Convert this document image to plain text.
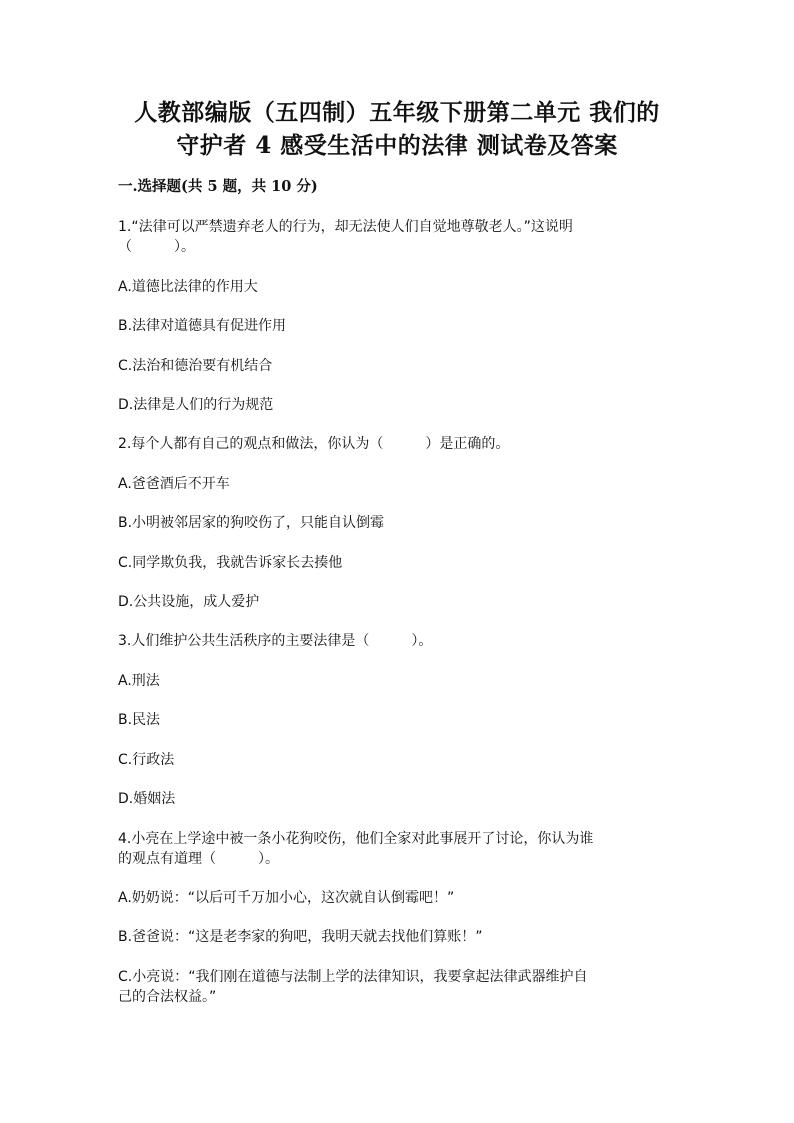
人教部编版（五四制）五年级下册第二单元 我们的
守护者 4 感受生活中的法律 测试卷及答案
一.选择题(共 5 题，共 10 分)
1.“法律可以严禁遗弃老人的行为，却无法使人们自觉地尊敬老人。”这说明
（　　　）。
A.道德比法律的作用大
B.法律对道德具有促进作用
C.法治和德治要有机结合
D.法律是人们的行为规范
2.每个人都有自己的观点和做法，你认为（　　　）是正确的。
A.爸爸酒后不开车
B.小明被邻居家的狗咬伤了，只能自认倒霉
C.同学欺负我，我就告诉家长去揍他
D.公共设施，成人爱护
3.人们维护公共生活秩序的主要法律是（　　　）。
A.刑法
B.民法
C.行政法
D.婚姻法
4.小亮在上学途中被一条小花狗咬伤，他们全家对此事展开了讨论，你认为谁
的观点有道理（　　　）。
A.奶奶说：“以后可千万加小心，这次就自认倒霉吧！”
B.爸爸说：“这是老李家的狗吧，我明天就去找他们算账！”
C.小亮说：“我们刚在道德与法制上学的法律知识，我要拿起法律武器维护自
己的合法权益。”
